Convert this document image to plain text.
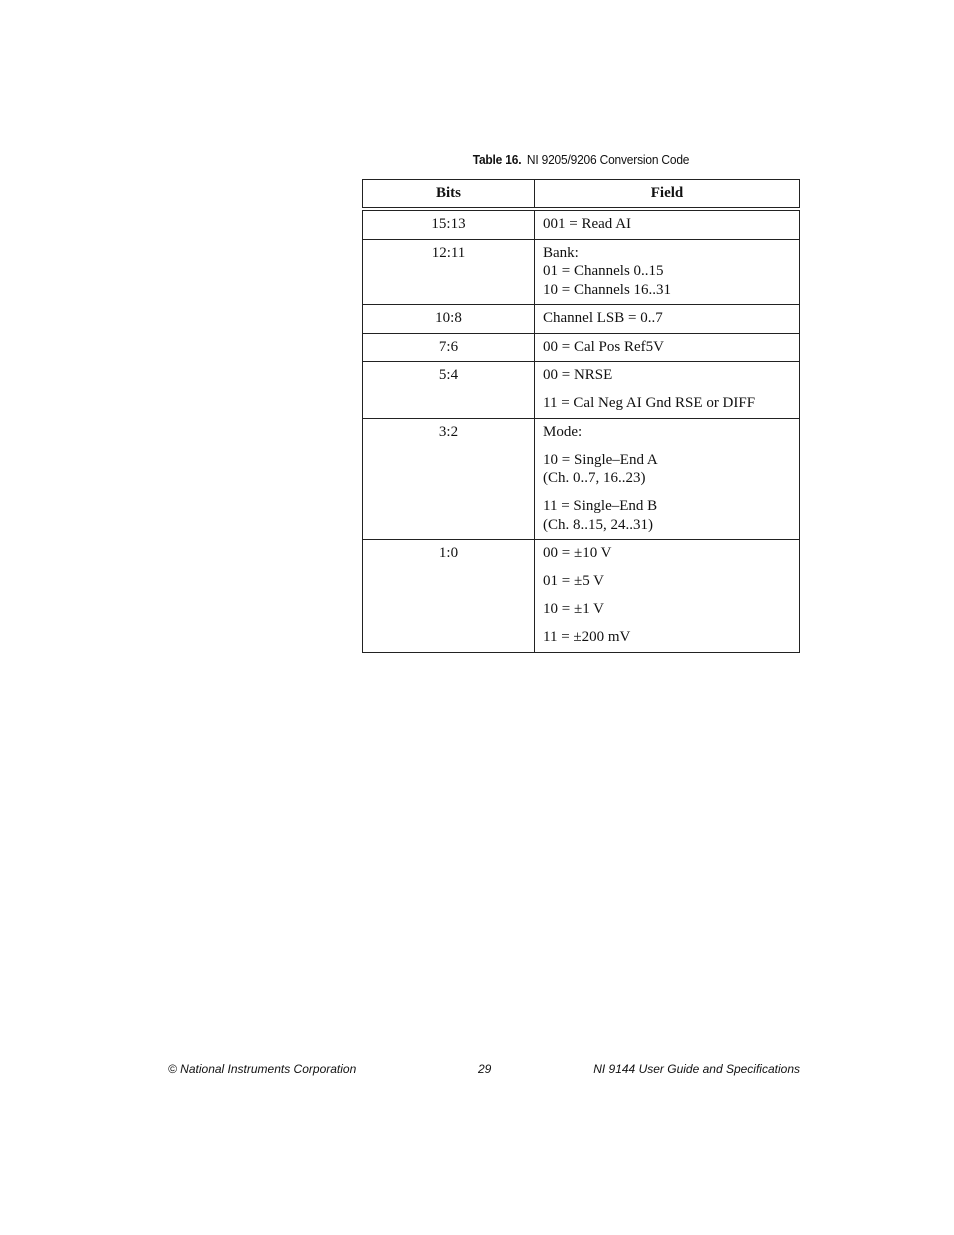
Table 16. NI 9205/9206 Conversion Code
Bits	Field
15:13	001 = Read AI

12:11	Bank:
01 = Channels 0..15
10 = Channels 16..31

10:8	Channel LSB = 0..7

7:6	00 = Cal Pos Ref5V

5:4	00 = NRSE
11 = Cal Neg AI Gnd RSE or DIFF

3:2	Mode:
10 = Single–End A
(Ch. 0..7, 16..23)
11 = Single–End B
(Ch. 8..15, 24..31)

1:0	00 = ±10 V
01 = ±5 V
10 = ±1 V
11 = ±200 mV
© National Instruments Corporation	29	NI 9144 User Guide and Specifications
